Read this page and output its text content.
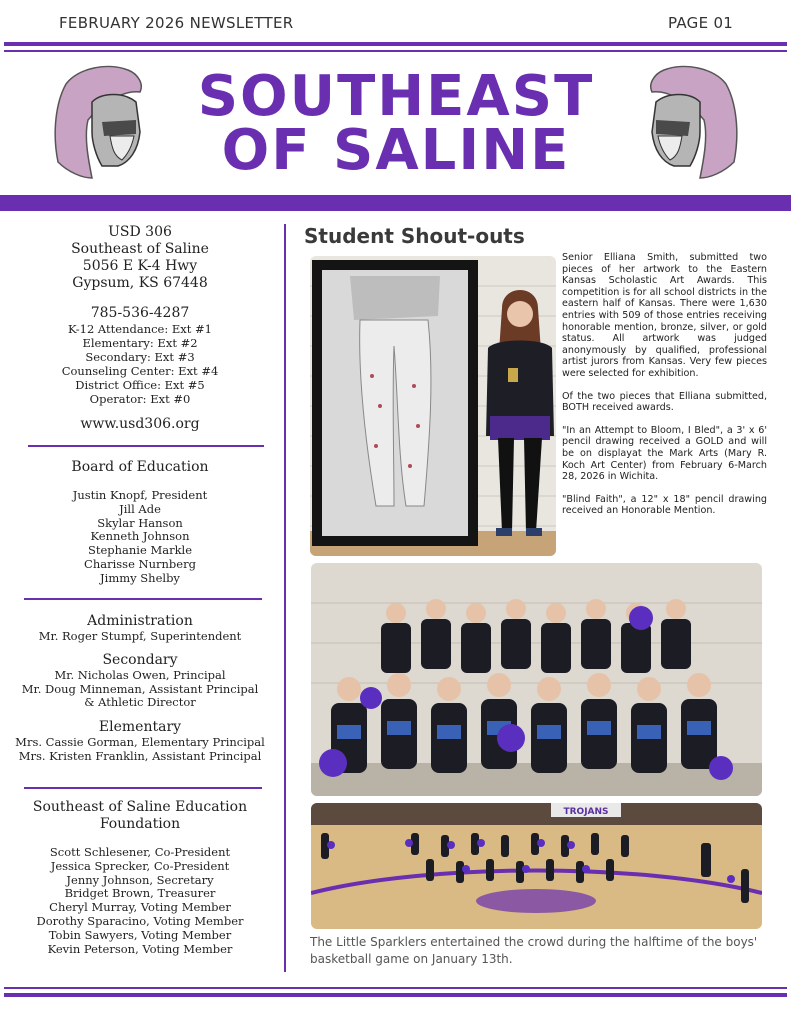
FEBRUARY 2026 NEWSLETTER	PAGE 01
SOUTHEAST
OF SALINE
USD 306
Southeast of Saline
5056 E K-4 Hwy
Gypsum, KS 67448
785-536-4287
K-12 Attendance: Ext #1
Elementary: Ext #2
Secondary: Ext #3
Counseling Center: Ext #4
District Office: Ext #5
Operator: Ext #0
www.usd306.org
Board of Education
Justin Knopf, President
Jill Ade
Skylar Hanson
Kenneth Johnson
Stephanie Markle
Charisse Nurnberg
Jimmy Shelby
Administration
Mr. Roger Stumpf, Superintendent
Secondary
Mr. Nicholas Owen, Principal
Mr. Doug Minneman, Assistant Principal
& Athletic Director
Elementary
Mrs. Cassie Gorman, Elementary Principal
Mrs. Kristen Franklin, Assistant Principal
Southeast of Saline Education
Foundation
Scott Schlesener, Co-President
Jessica Sprecker, Co-President
Jenny Johnson, Secretary
Bridget Brown, Treasurer
Cheryl Murray, Voting Member
Dorothy Sparacino, Voting Member
Tobin Sawyers, Voting Member
Kevin Peterson, Voting Member
Student Shout-outs

Senior Elliana Smith, submitted two pieces of her artwork to the Eastern Kansas Scholastic Art Awards. This competition is for all school districts in the eastern half of Kansas. There were 1,630 entries with 509 of those entries receiving honorable mention, bronze, silver, or gold status. All artwork was judged anonymously by qualified, professional artist jurors from Kansas. Very few pieces were selected for exhibition.

Of the two pieces that Elliana submitted, BOTH received awards.

"In an Attempt to Bloom, I Bled", a 3' x 6' pencil drawing received a GOLD and will be on displayat the Mark Arts (Mary R. Koch Art Center) from February 6-March 28, 2026 in Wichita.

"Blind Faith", a 12" x 18" pencil drawing received an Honorable Mention.

TROJANS
The Little Sparklers entertained the crowd during the halftime of the boys' basketball game on January 13th.
